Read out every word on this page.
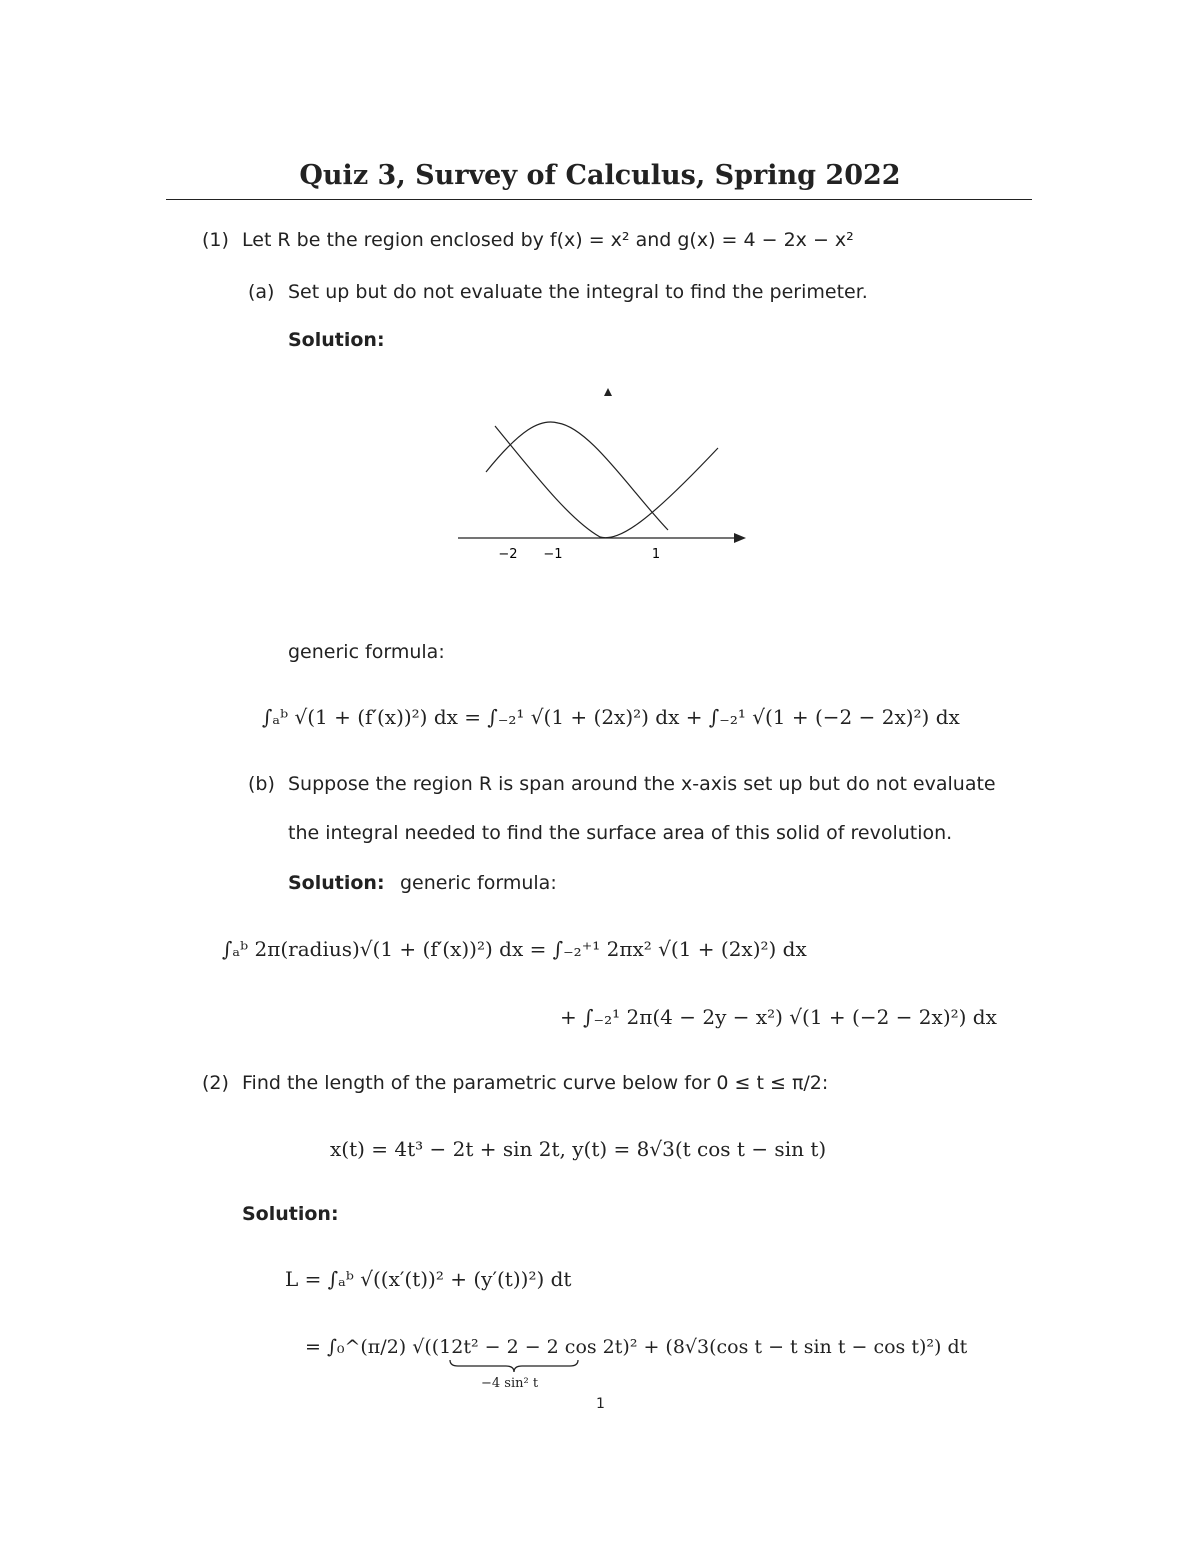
Quiz 3, Survey of Calculus, Spring 2022
(1) Let R be the region enclosed by f(x) = x² and g(x) = 4 − 2x − x²
(a) Set up but do not evaluate the integral to find the perimeter.
Solution:
−2 −1	1
generic formula:
∫ₐᵇ √(1 + (f′(x))²) dx = ∫₋₂¹ √(1 + (2x)²) dx + ∫₋₂¹ √(1 + (−2 − 2x)²) dx
(b) Suppose the region R is span around the x-axis set up but do not evaluate
the integral needed to find the surface area of this solid of revolution.
Solution: generic formula:
∫ₐᵇ 2π(radius)√(1 + (f′(x))²) dx = ∫₋₂⁺¹ 2πx² √(1 + (2x)²) dx
+ ∫₋₂¹ 2π(4 − 2y − x²) √(1 + (−2 − 2x)²) dx
(2) Find the length of the parametric curve below for 0 ≤ t ≤ π/2:
x(t) = 4t³ − 2t + sin 2t, y(t) = 8√3(t cos t − sin t)
Solution:
L = ∫ₐᵇ √((x′(t))² + (y′(t))²) dt
= ∫₀^(π/2) √((12t² − 2 − 2 cos 2t)² + (8√3(cos t − t sin t − cos t)²) dt
−4 sin² t
1
